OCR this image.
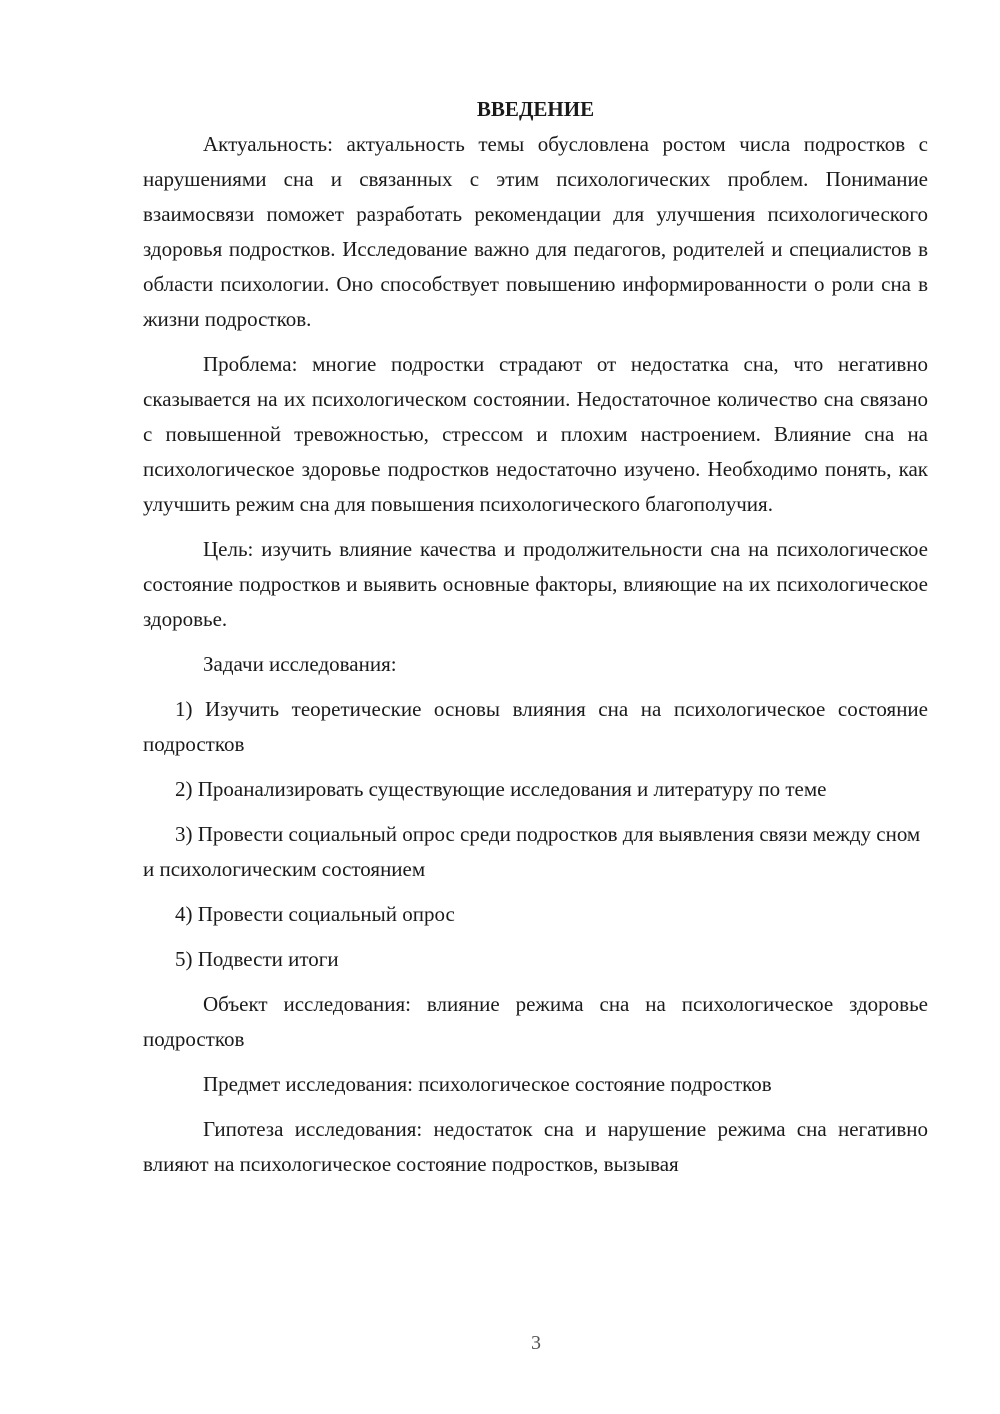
ВВЕДЕНИЕ

Актуальность: актуальность темы обусловлена ростом числа подростков с нарушениями сна и связанных с этим психологических проблем. Понимание взаимосвязи поможет разработать рекомендации для улучшения психологического здоровья подростков. Исследование важно для педагогов, родителей и специалистов в области психологии. Оно способствует повышению информированности о роли сна в жизни подростков.

Проблема: многие подростки страдают от недостатка сна, что негативно сказывается на их психологическом состоянии. Недостаточное количество сна связано с повышенной тревожностью, стрессом и плохим настроением. Влияние сна на психологическое здоровье подростков недостаточно изучено. Необходимо понять, как улучшить режим сна для повышения психологического благополучия.

Цель: изучить влияние качества и продолжительности сна на психологическое состояние подростков и выявить основные факторы, влияющие на их психологическое здоровье.

Задачи исследования:

1) Изучить теоретические основы влияния сна на психологическое состояние подростков

2) Проанализировать существующие исследования и литературу по теме

3) Провести социальный опрос среди подростков для выявления связи между сном и психологическим состоянием

4) Провести социальный опрос

5) Подвести итоги

Объект исследования: влияние режима сна на психологическое здоровье подростков

Предмет исследования: психологическое состояние подростков

Гипотеза исследования: недостаток сна и нарушение режима сна негативно влияют на психологическое состояние подростков, вызывая

3
